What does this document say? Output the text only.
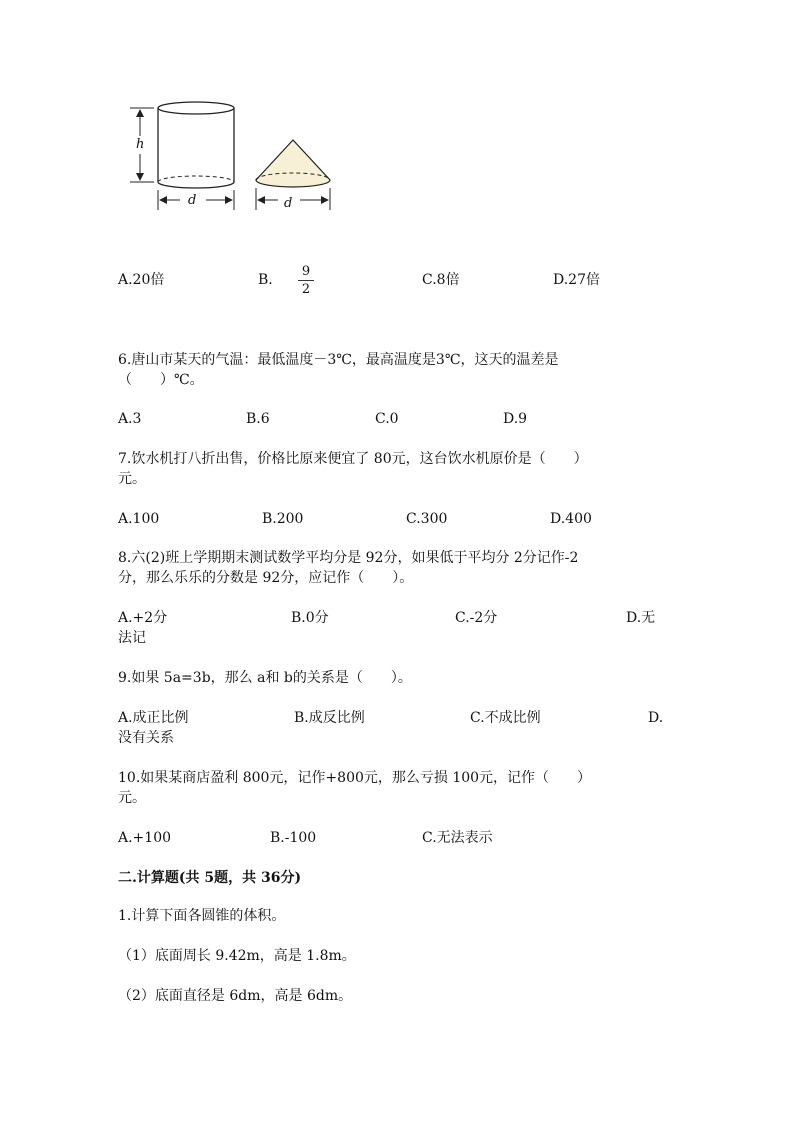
h
d	d
A.20倍	B.
9
2
C.8倍	D.27倍
6.唐山市某天的气温：最低温度－3℃，最高温度是3℃，这天的温差是
（　　）℃。
A.3	B.6	C.0	D.9
7.饮水机打八折出售，价格比原来便宜了 80元，这台饮水机原价是（　　）
元。
A.100	B.200	C.300	D.400
8.六(2)班上学期期末测试数学平均分是 92分，如果低于平均分 2分记作-2
分，那么乐乐的分数是 92分，应记作（　　）。
A.+2分	B.0分	C.-2分	D.无
法记
9.如果 5a=3b，那么 a和 b的关系是（　　）。
A.成正比例	B.成反比例	C.不成比例	D.
没有关系
10.如果某商店盈利 800元，记作+800元，那么亏损 100元，记作（　　）
元。
A.+100	B.-100	C.无法表示
二.计算题(共 5题，共 36分)
1.计算下面各圆锥的体积。
（1）底面周长 9.42m，高是 1.8m。
（2）底面直径是 6dm，高是 6dm。
